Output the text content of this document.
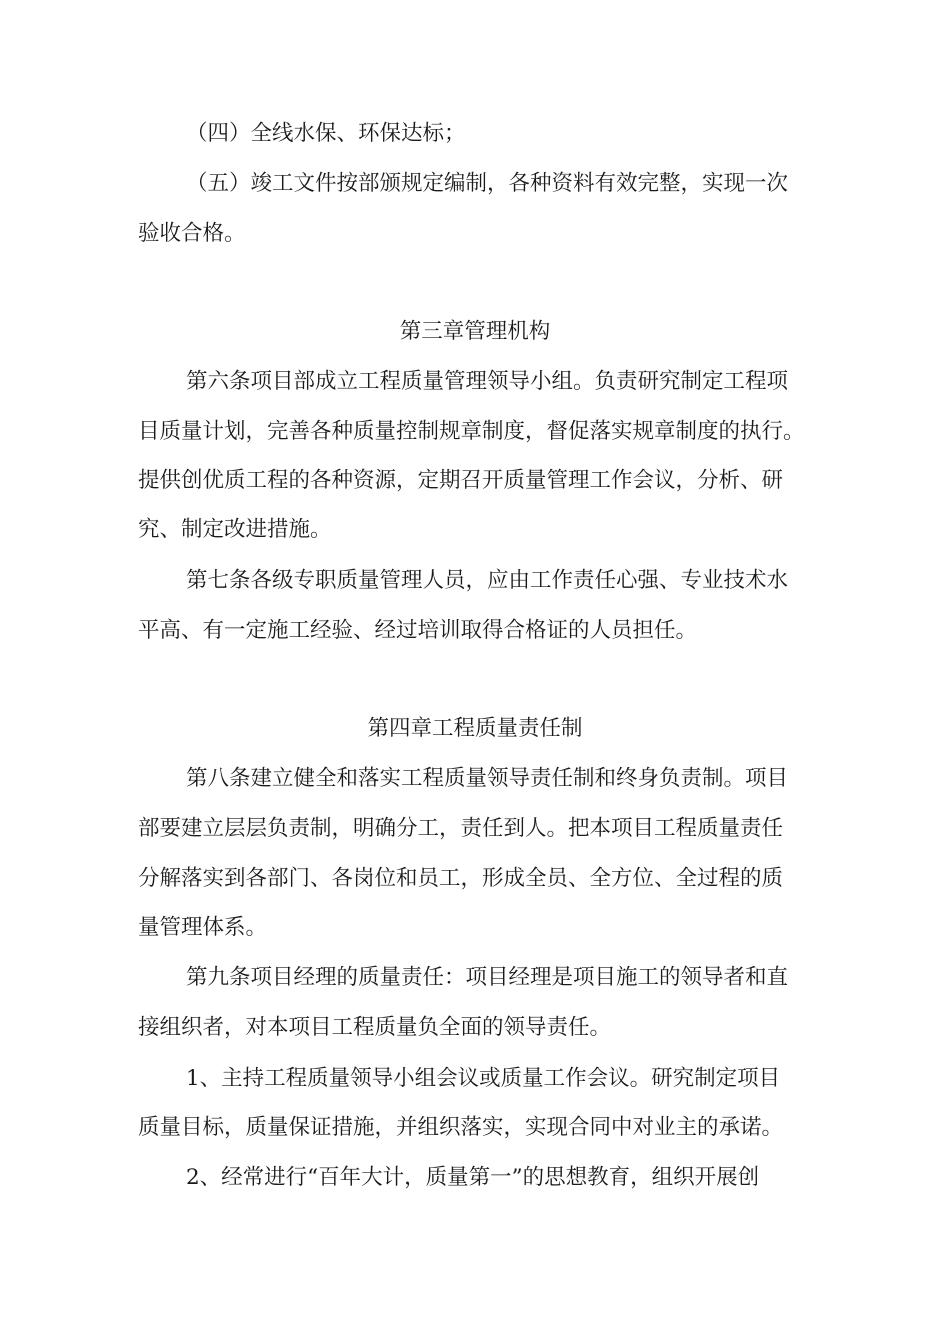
（四）全线水保、环保达标；
（五）竣工文件按部颁规定编制，各种资料有效完整，实现一次
验收合格。
第三章管理机构
第六条项目部成立工程质量管理领导小组。负责研究制定工程项
目质量计划，完善各种质量控制规章制度，督促落实规章制度的执行。
提供创优质工程的各种资源，定期召开质量管理工作会议，分析、研
究、制定改进措施。
第七条各级专职质量管理人员，应由工作责任心强、专业技术水
平高、有一定施工经验、经过培训取得合格证的人员担任。
第四章工程质量责任制
第八条建立健全和落实工程质量领导责任制和终身负责制。项目
部要建立层层负责制，明确分工，责任到人。把本项目工程质量责任
分解落实到各部门、各岗位和员工，形成全员、全方位、全过程的质
量管理体系。
第九条项目经理的质量责任：项目经理是项目施工的领导者和直
接组织者，对本项目工程质量负全面的领导责任。
1、主持工程质量领导小组会议或质量工作会议。研究制定项目
质量目标，质量保证措施，并组织落实，实现合同中对业主的承诺。
2、经常进行“百年大计，质量第一”的思想教育，组织开展创
